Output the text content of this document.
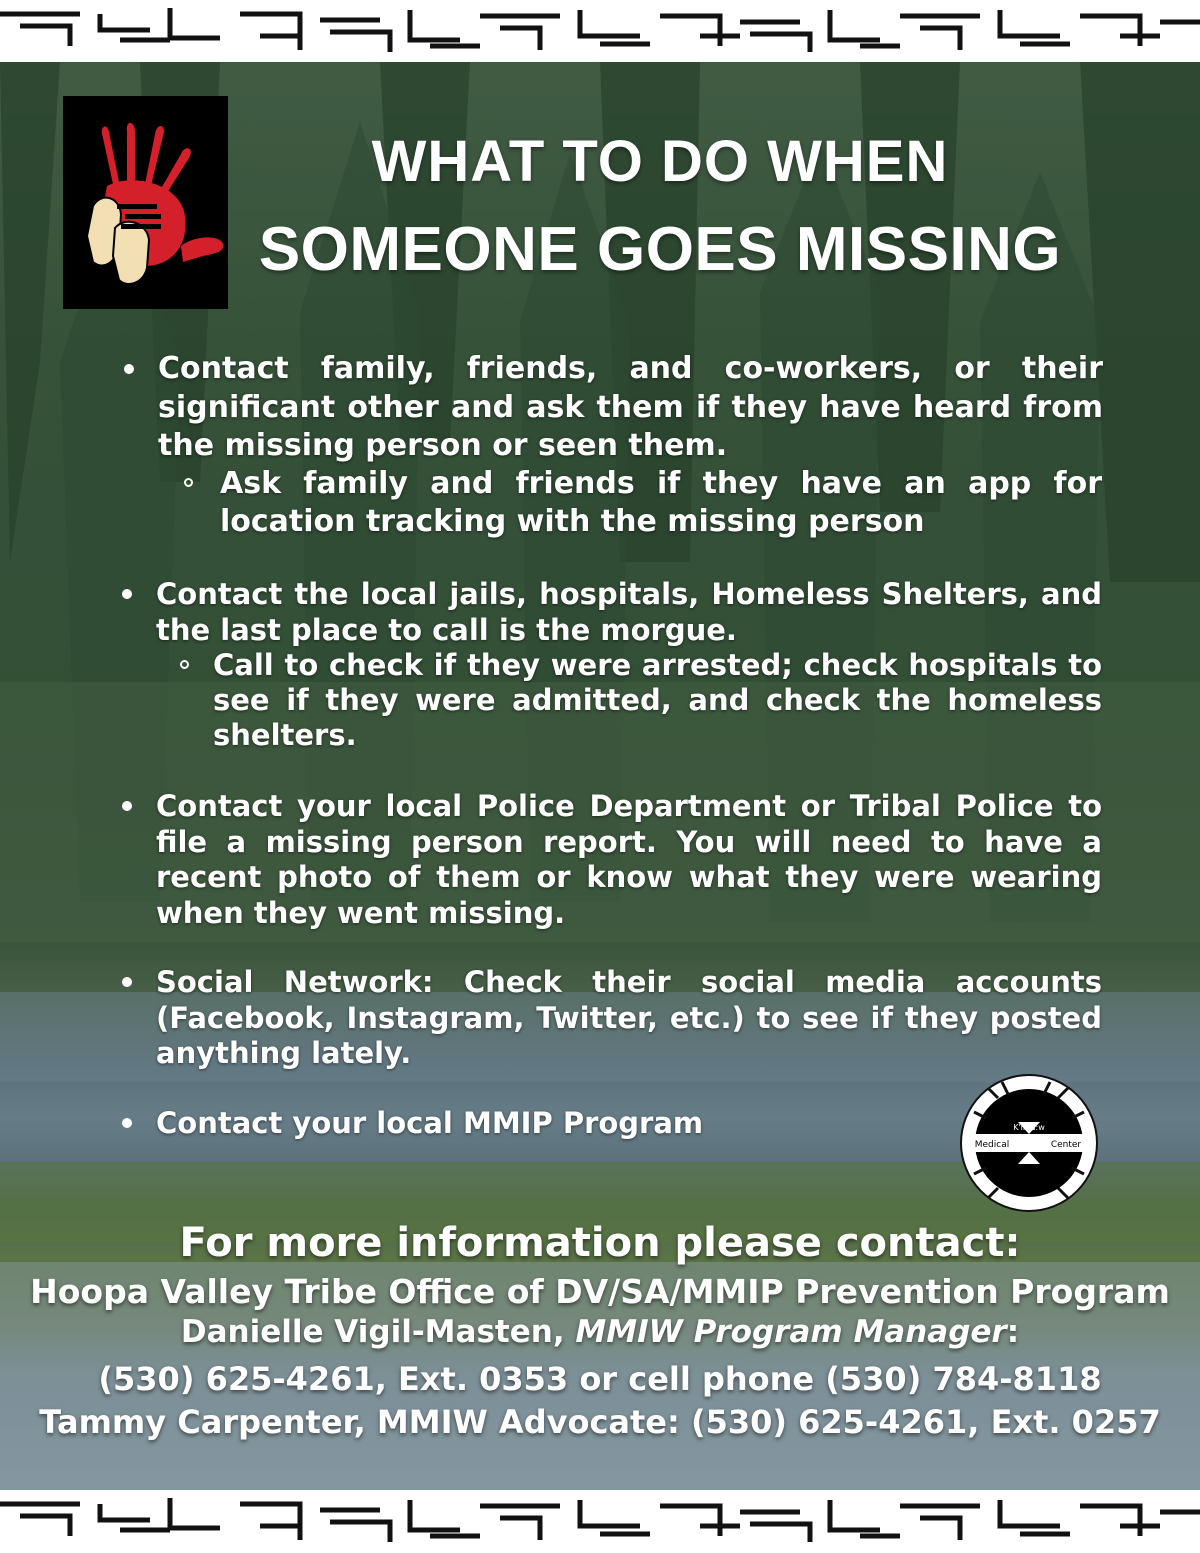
WHAT TO DO WHEN
SOMEONE GOES MISSING
Contact family, friends, and co-workers, or their significant other and ask them if they have heard from the missing person or seen them.
Ask family and friends if they have an app for location tracking with the missing person
Contact the local jails, hospitals, Homeless Shelters, and the last place to call is the morgue.
Call to check if they were arrested; check hospitals to see if they were admitted, and check the homeless shelters.
Contact your local Police Department or Tribal Police to file a missing person report. You will need to have a recent photo of them or know what they were wearing when they went missing.
Social Network: Check their social media accounts (Facebook, Instagram, Twitter, etc.) to see if they posted anything lately.
Contact your local MMIP Program	K'ima:w
Medical	Center
For more information please contact:
Hoopa Valley Tribe Office of DV/SA/MMIP Prevention Program
Danielle Vigil-Masten, MMIW Program Manager:
(530) 625-4261, Ext. 0353 or cell phone (530) 784-8118
Tammy Carpenter, MMIW Advocate: (530) 625-4261, Ext. 0257
